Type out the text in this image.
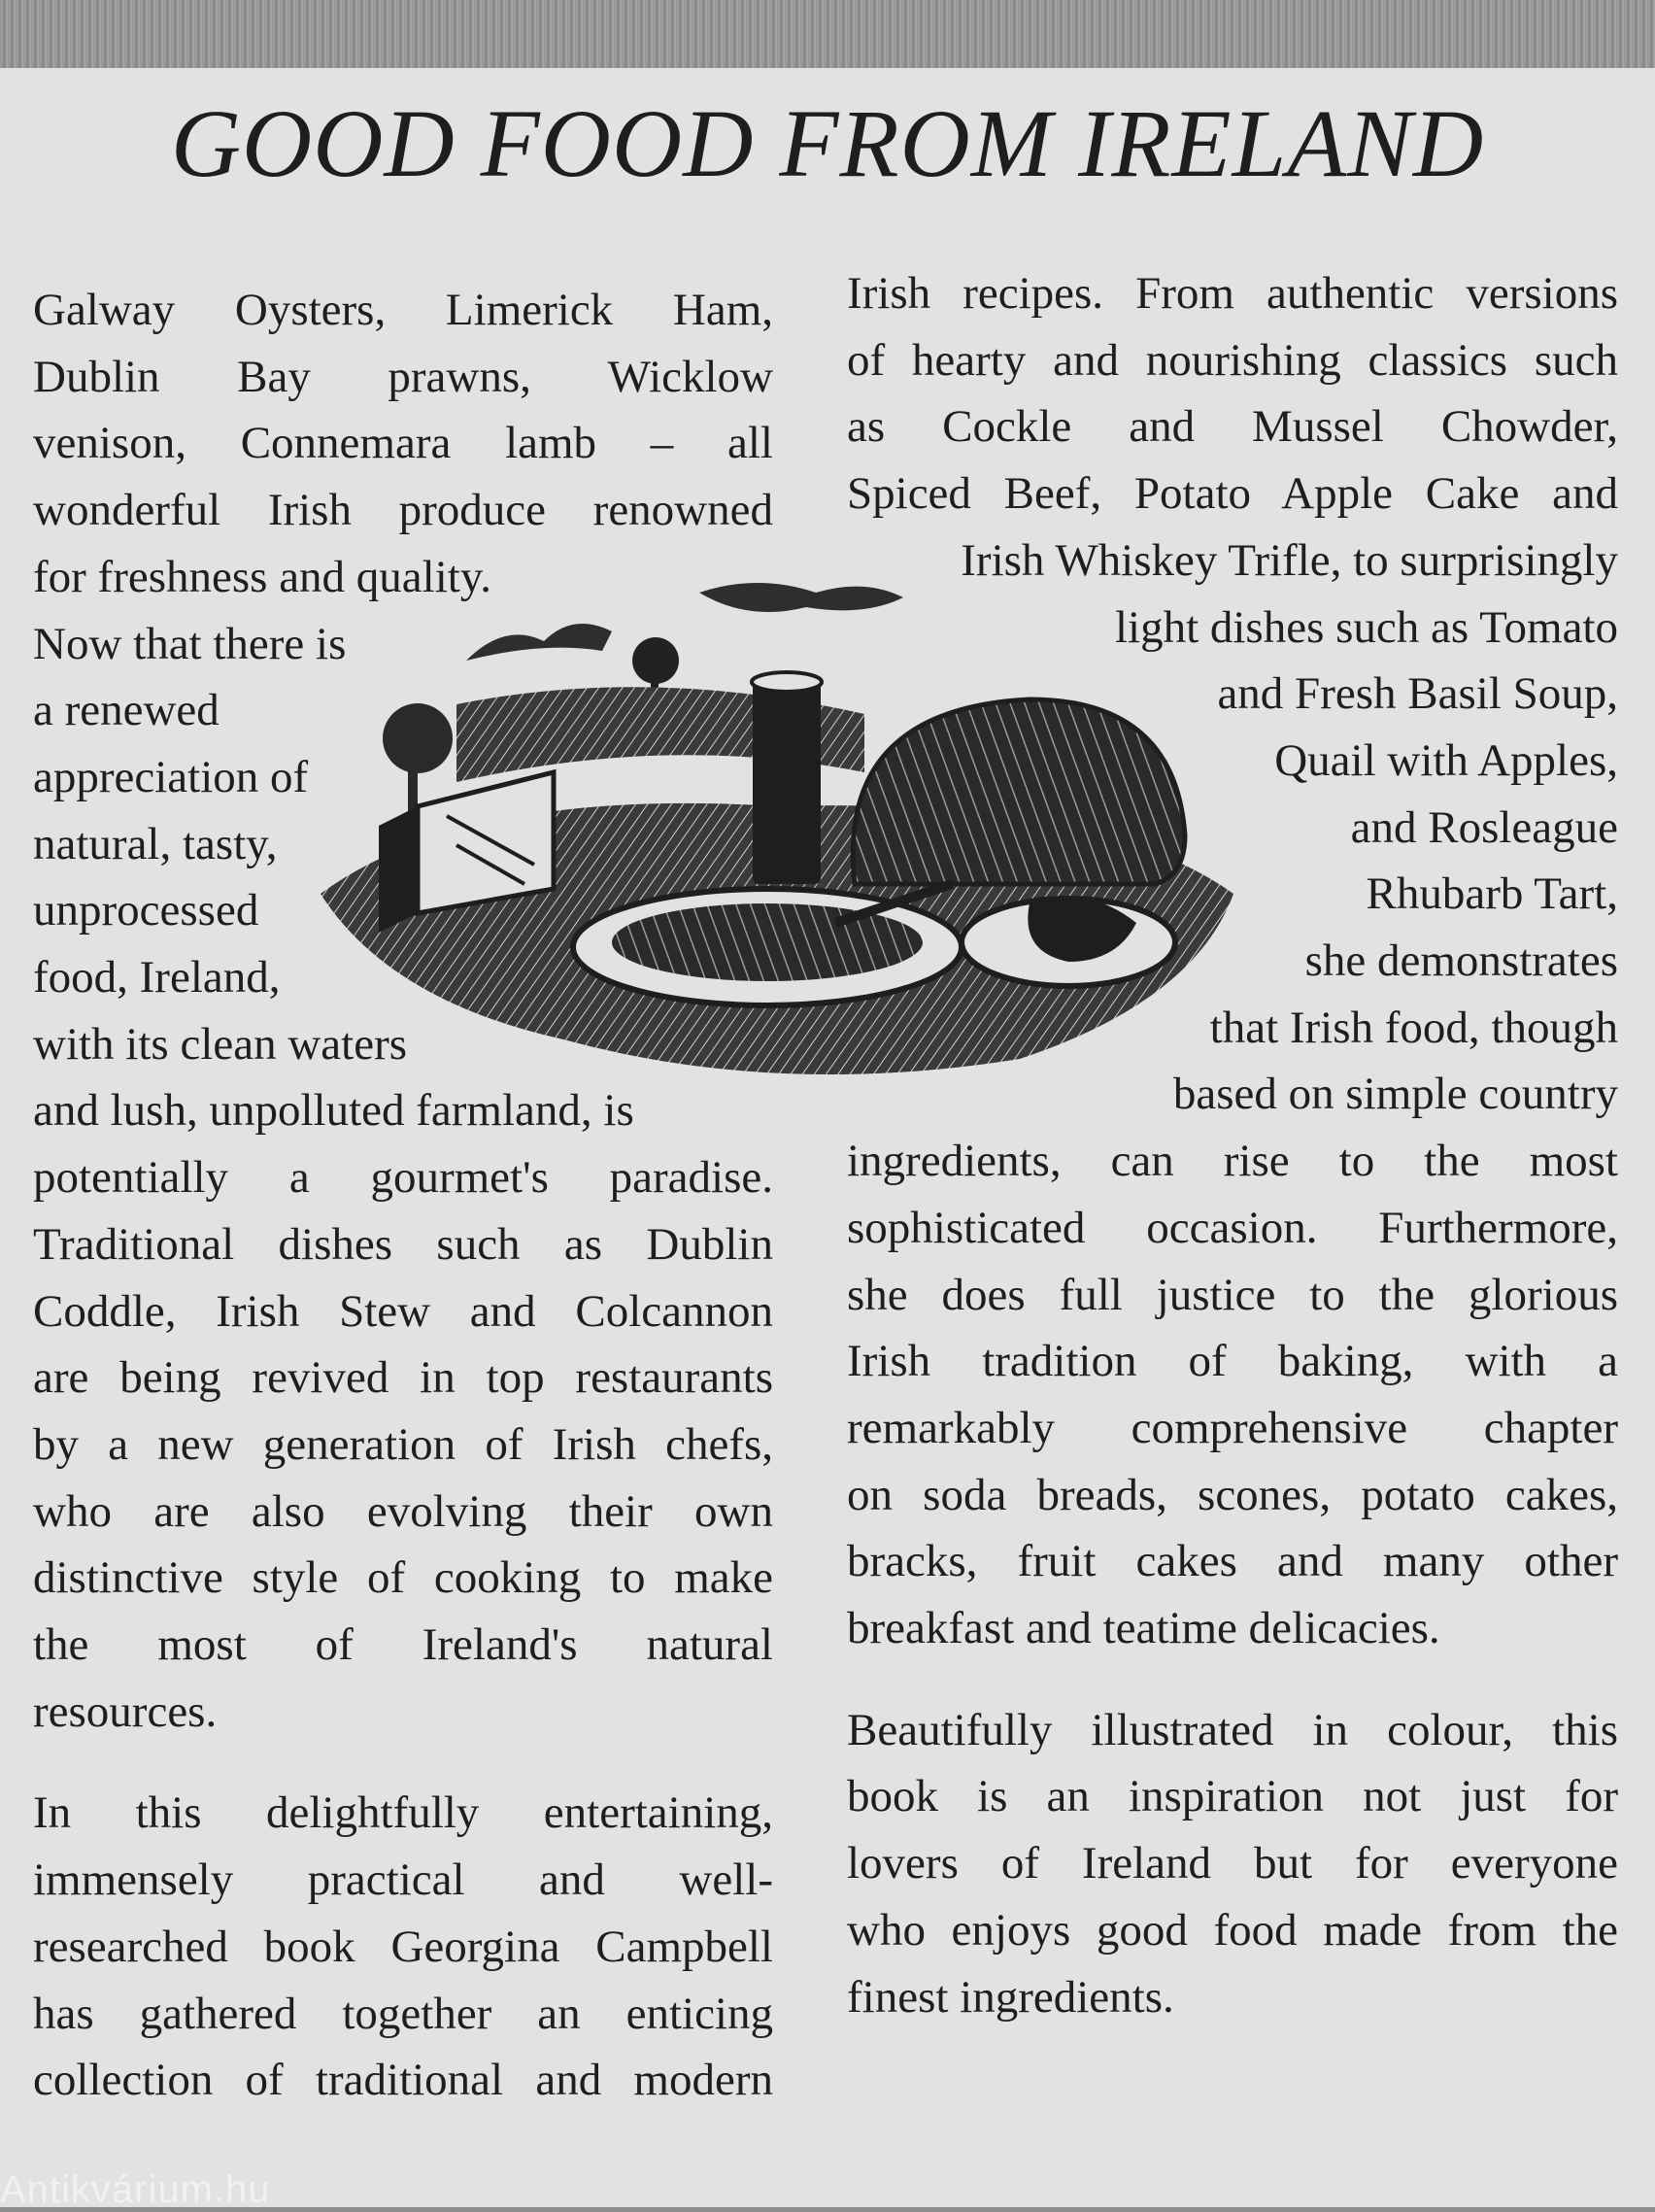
GOOD FOOD FROM IRELAND
Galway Oysters, Limerick Ham,
Dublin Bay prawns, Wicklow
venison, Connemara lamb – all
wonderful Irish produce renowned
for freshness and quality.
Now that there is
a renewed
appreciation of
natural, tasty,
unprocessed
food, Ireland,
with its clean waters
and lush, unpolluted farmland, is
potentially a gourmet's paradise.
Traditional dishes such as Dublin
Coddle, Irish Stew and Colcannon
are being revived in top restaurants
by a new generation of Irish chefs,
who are also evolving their own
distinctive style of cooking to make
the most of Ireland's natural
resources.
In this delightfully entertaining,
immensely practical and well-
researched book Georgina Campbell
has gathered together an enticing
collection of traditional and modern
Irish recipes. From authentic versions
of hearty and nourishing classics such
as Cockle and Mussel Chowder,
Spiced Beef, Potato Apple Cake and
Irish Whiskey Trifle, to surprisingly
light dishes such as Tomato
and Fresh Basil Soup,
Quail with Apples,
and Rosleague
Rhubarb Tart,
she demonstrates
that Irish food, though
based on simple country
ingredients, can rise to the most
sophisticated occasion. Furthermore,
she does full justice to the glorious
Irish tradition of baking, with a
remarkably comprehensive chapter
on soda breads, scones, potato cakes,
bracks, fruit cakes and many other
breakfast and teatime delicacies.
Beautifully illustrated in colour, this
book is an inspiration not just for
lovers of Ireland but for everyone
who enjoys good food made from the
finest ingredients.
Antikvárium.hu
